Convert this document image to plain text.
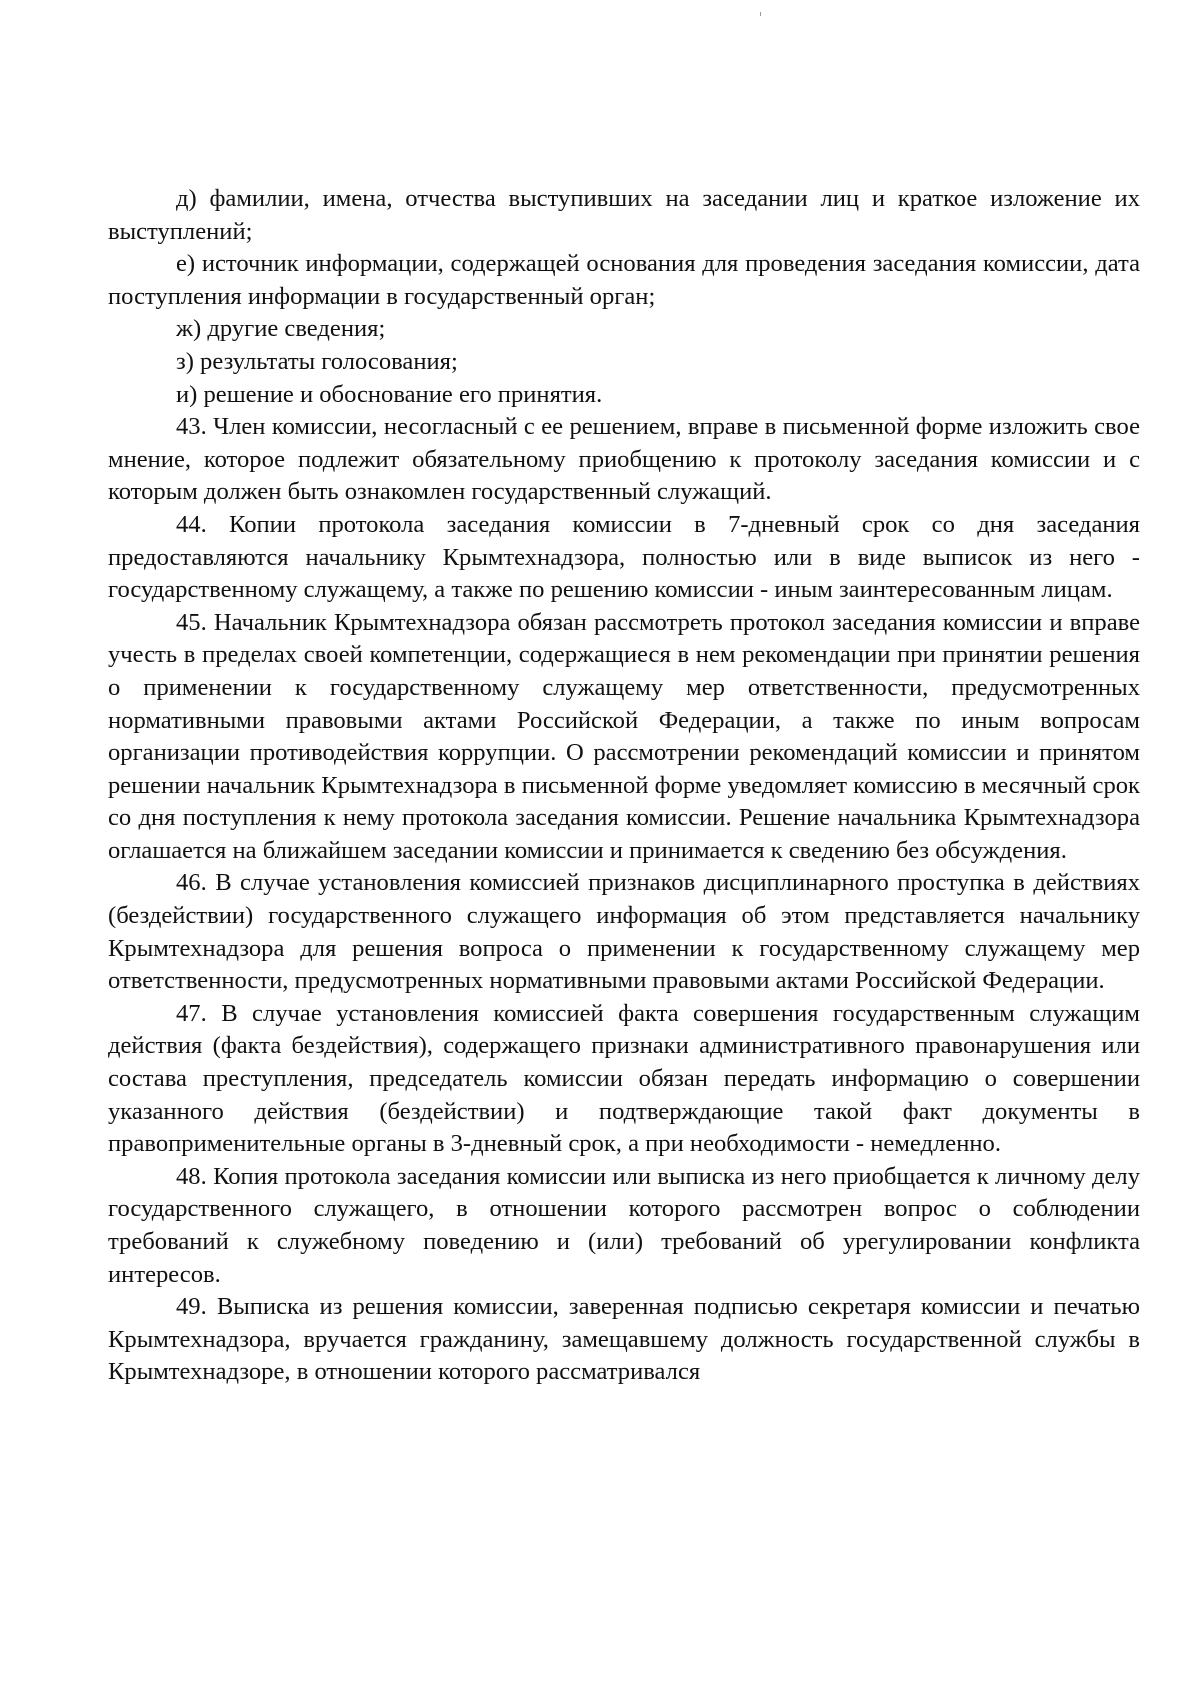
д) фамилии, имена, отчества выступивших на заседании лиц и краткое изложение их выступлений;

е) источник информации, содержащей основания для проведения заседания комиссии, дата поступления информации в государственный орган;

ж) другие сведения;

з) результаты голосования;

и) решение и обоснование его принятия.

43. Член комиссии, несогласный с ее решением, вправе в письменной форме изложить свое мнение, которое подлежит обязательному приобщению к протоколу заседания комиссии и с которым должен быть ознакомлен государственный служащий.

44. Копии протокола заседания комиссии в 7-дневный срок со дня заседания предоставляются начальнику Крымтехнадзора, полностью или в виде выписок из него - государственному служащему, а также по решению комиссии - иным заинтересованным лицам.

45. Начальник Крымтехнадзора обязан рассмотреть протокол заседания комиссии и вправе учесть в пределах своей компетенции, содержащиеся в нем рекомендации при принятии решения о применении к государственному служащему мер ответственности, предусмотренных нормативными правовыми актами Российской Федерации, а также по иным вопросам организации противодействия коррупции. О рассмотрении рекомендаций комиссии и принятом решении начальник Крымтехнадзора в письменной форме уведомляет комиссию в месячный срок со дня поступления к нему протокола заседания комиссии. Решение начальника Крымтехнадзора оглашается на ближайшем заседании комиссии и принимается к сведению без обсуждения.

46. В случае установления комиссией признаков дисциплинарного проступка в действиях (бездействии) государственного служащего информация об этом представляется начальнику Крымтехнадзора для решения вопроса о применении к государственному служащему мер ответственности, предусмотренных нормативными правовыми актами Российской Федерации.

47. В случае установления комиссией факта совершения государственным служащим действия (факта бездействия), содержащего признаки административного правонарушения или состава преступления, председатель комиссии обязан передать информацию о совершении указанного действия (бездействии) и подтверждающие такой факт документы в правоприменительные органы в 3-дневный срок, а при необходимости - немедленно.

48. Копия протокола заседания комиссии или выписка из него приобщается к личному делу государственного служащего, в отношении которого рассмотрен вопрос о соблюдении требований к служебному поведению и (или) требований об урегулировании конфликта интересов.

49. Выписка из решения комиссии, заверенная подписью секретаря комиссии и печатью Крымтехнадзора, вручается гражданину, замещавшему должность государственной службы в Крымтехнадзоре, в отношении которого рассматривался
